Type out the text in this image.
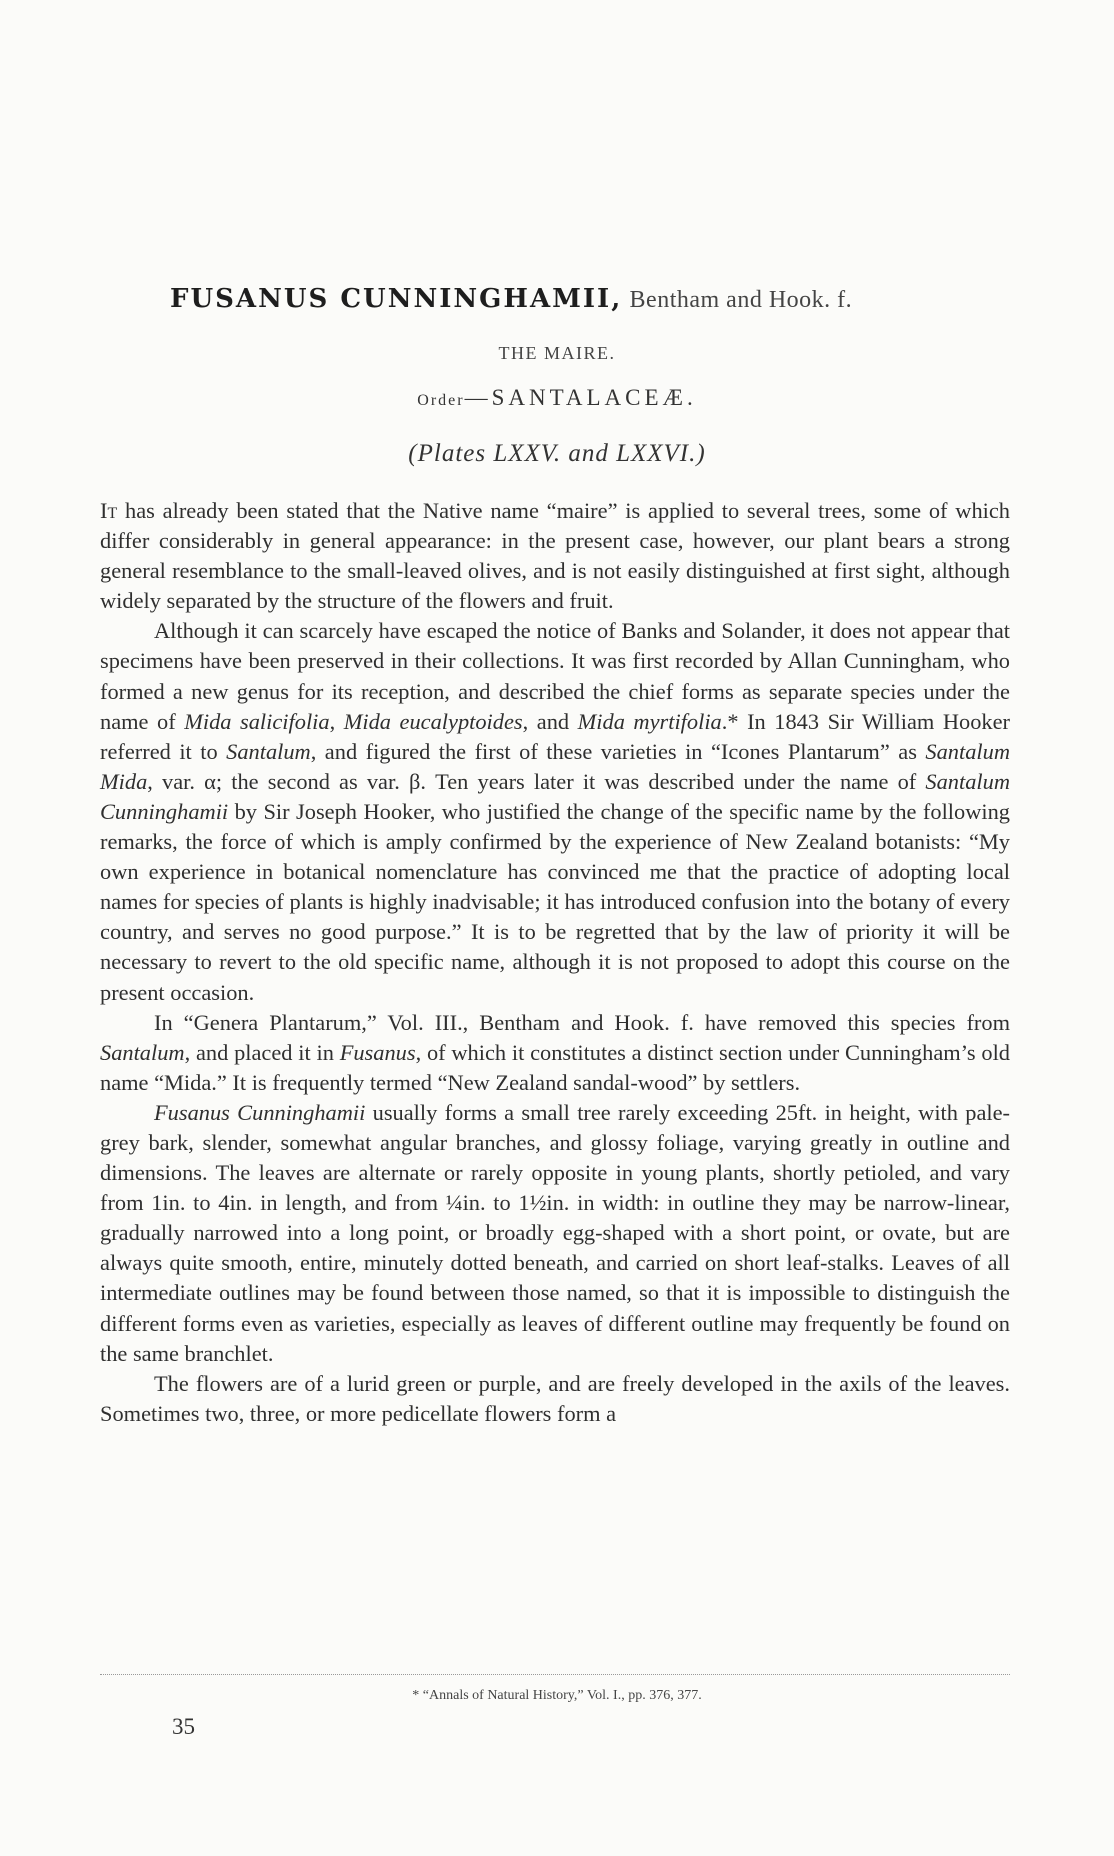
FUSANUS CUNNINGHAMII, Bentham and Hook. f.
THE MAIRE.
Order—SANTALACEÆ.
(Plates LXXV. and LXXVI.)

It has already been stated that the Native name “maire” is applied to several trees, some of which differ considerably in general appearance: in the present case, however, our plant bears a strong general resemblance to the small-leaved olives, and is not easily distinguished at first sight, although widely separated by the structure of the flowers and fruit.

Although it can scarcely have escaped the notice of Banks and Solander, it does not appear that specimens have been preserved in their collections. It was first recorded by Allan Cunningham, who formed a new genus for its reception, and described the chief forms as separate species under the name of Mida salicifolia, Mida eucalyptoides, and Mida myrtifolia.* In 1843 Sir William Hooker referred it to Santalum, and figured the first of these varieties in “Icones Plantarum” as Santalum Mida, var. α; the second as var. β. Ten years later it was described under the name of Santalum Cunninghamii by Sir Joseph Hooker, who justified the change of the specific name by the following remarks, the force of which is amply confirmed by the experience of New Zealand botanists: “My own experience in botanical nomenclature has convinced me that the practice of adopting local names for species of plants is highly inadvisable; it has introduced confusion into the botany of every country, and serves no good purpose.” It is to be regretted that by the law of priority it will be necessary to revert to the old specific name, although it is not proposed to adopt this course on the present occasion.

In “Genera Plantarum,” Vol. III., Bentham and Hook. f. have removed this species from Santalum, and placed it in Fusanus, of which it constitutes a distinct section under Cunningham’s old name “Mida.” It is frequently termed “New Zealand sandal-wood” by settlers.

Fusanus Cunninghamii usually forms a small tree rarely exceeding 25ft. in height, with pale-grey bark, slender, somewhat angular branches, and glossy foliage, varying greatly in outline and dimensions. The leaves are alternate or rarely opposite in young plants, shortly petioled, and vary from 1in. to 4in. in length, and from ¼in. to 1½in. in width: in outline they may be narrow-linear, gradually narrowed into a long point, or broadly egg-shaped with a short point, or ovate, but are always quite smooth, entire, minutely dotted beneath, and carried on short leaf-stalks. Leaves of all intermediate outlines may be found between those named, so that it is impossible to distinguish the different forms even as varieties, especially as leaves of different outline may frequently be found on the same branchlet.

The flowers are of a lurid green or purple, and are freely developed in the axils of the leaves. Sometimes two, three, or more pedicellate flowers form a

* “Annals of Natural History,” Vol. I., pp. 376, 377.
35
